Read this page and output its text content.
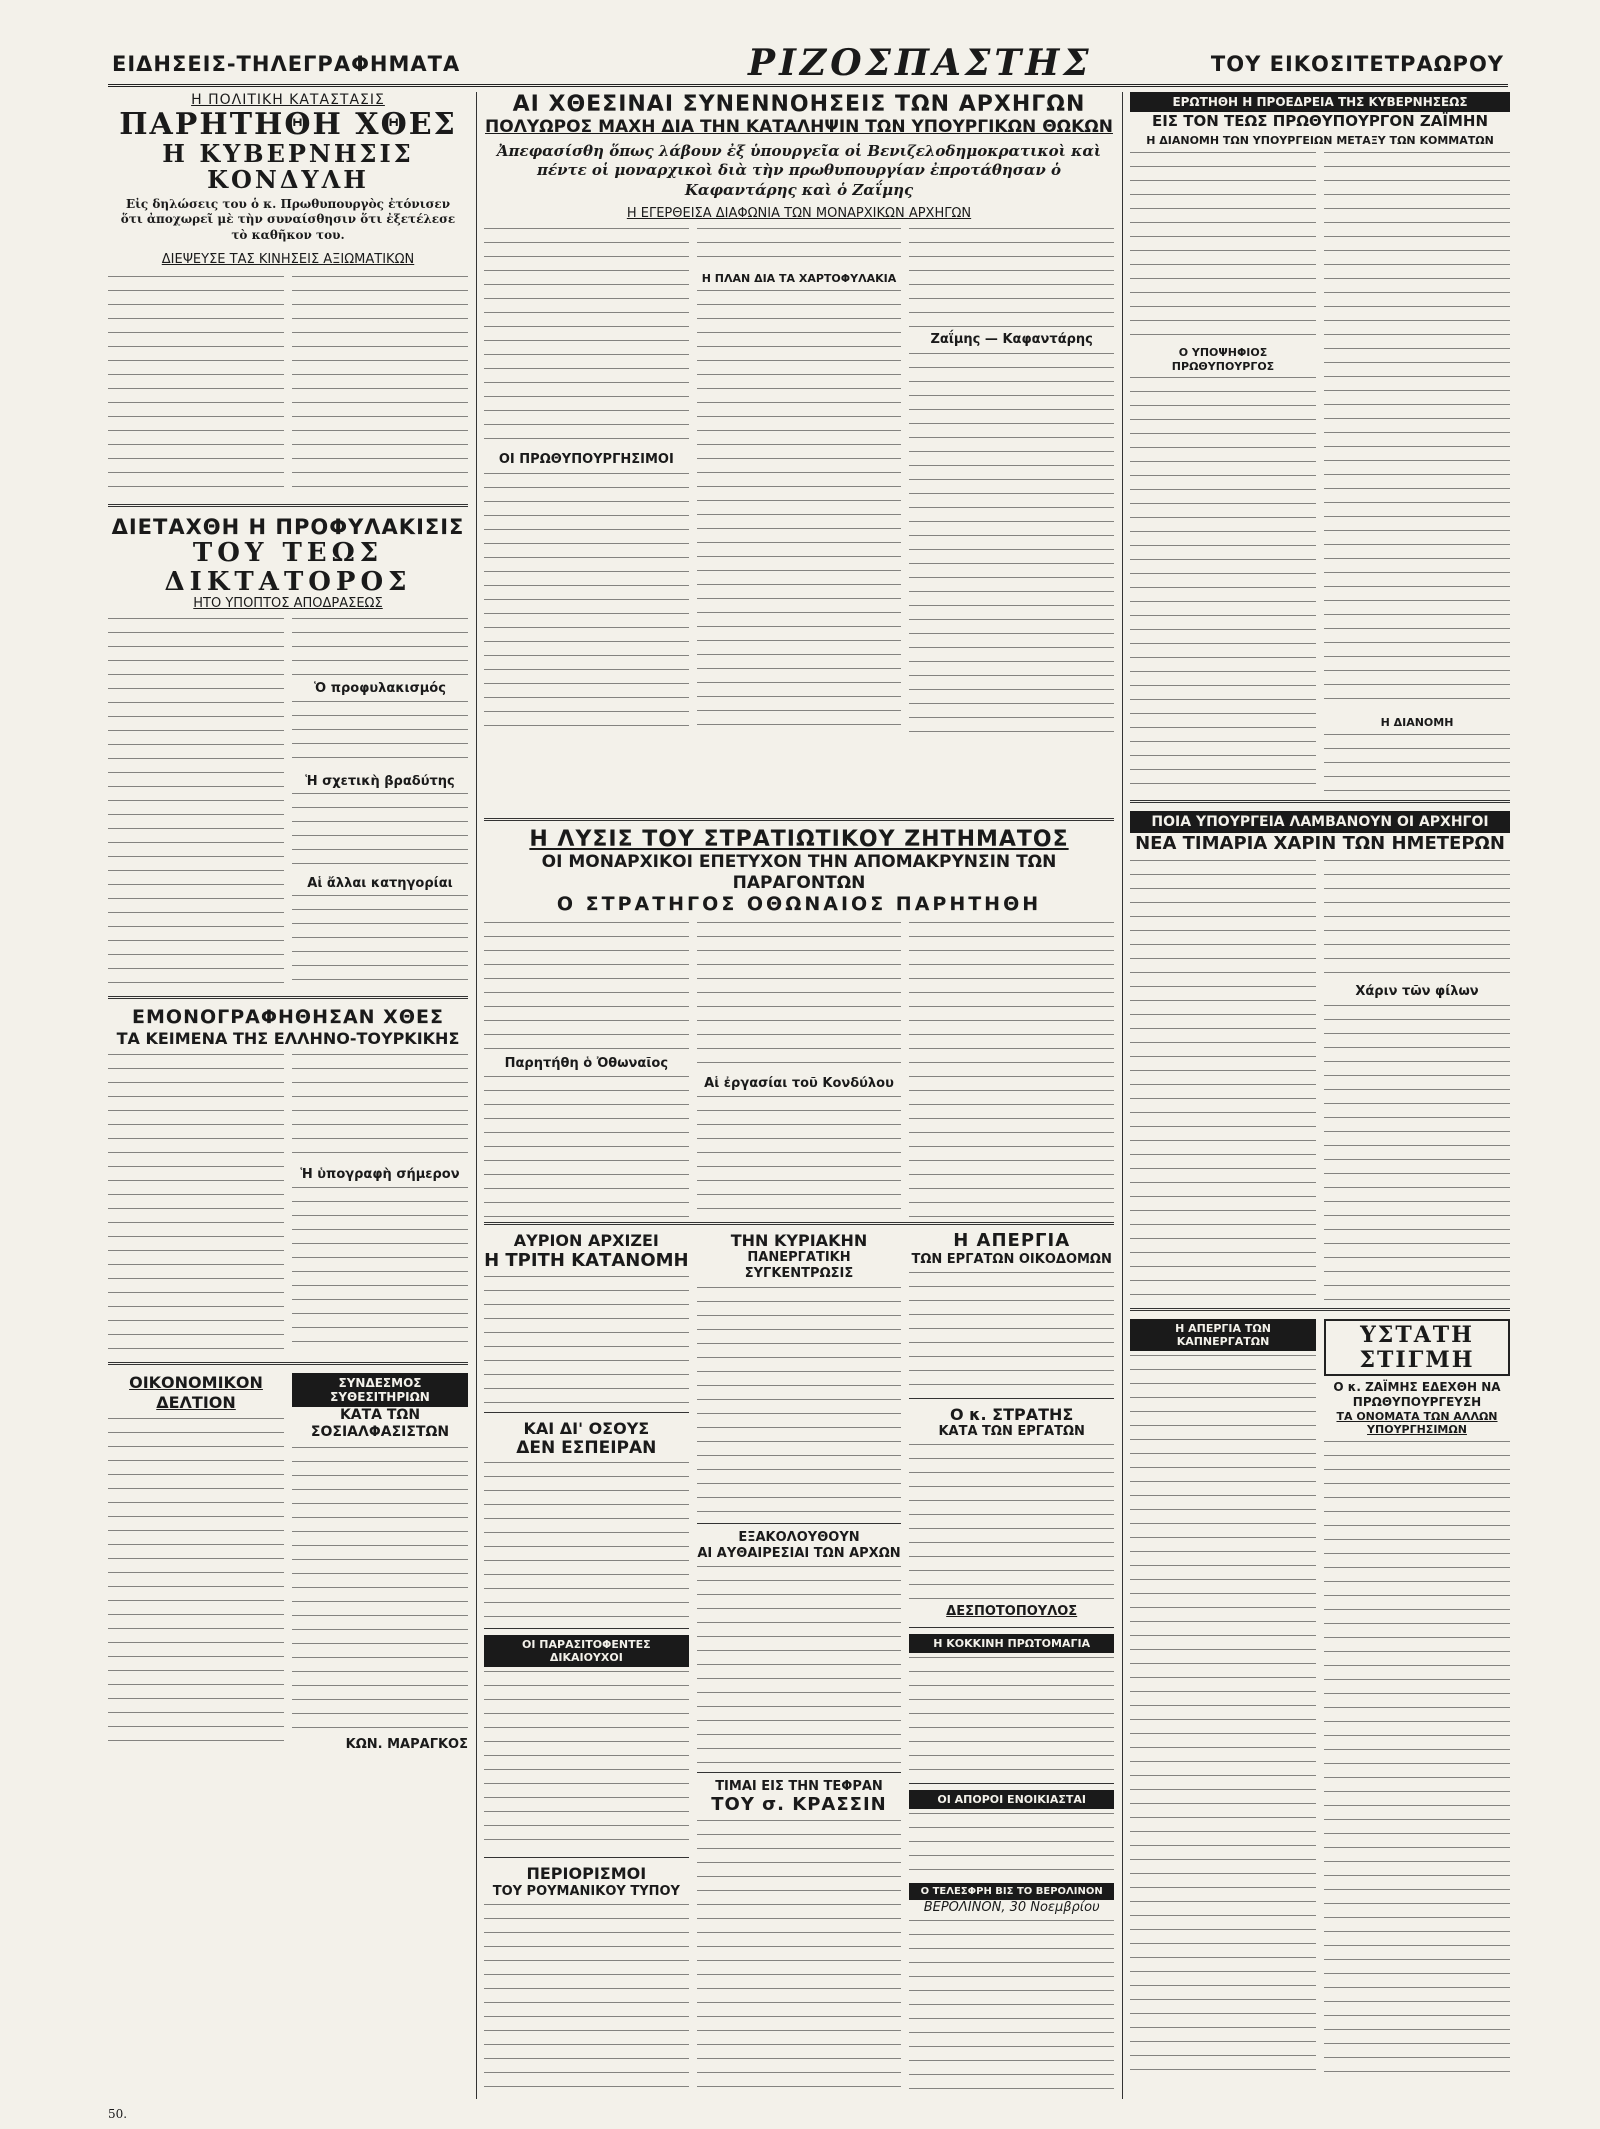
ΕΙΔΗΣΕΙΣ-ΤΗΛΕΓΡΑΦΗΜΑΤΑ	ΡΙΖΟΣΠΑΣΤΗΣ	ΤΟΥ ΕΙΚΟΣΙΤΕΤΡΑΩΡΟΥ
Η ΠΟΛΙΤΙΚΗ ΚΑΤΑΣΤΑΣΙΣ
ΠΑΡΗΤΗΘΗ ΧΘΕΣ
Η ΚΥΒΕΡΝΗΣΙΣ ΚΟΝΔΥΛΗ
Εἰς δηλώσεις του ὁ κ. Πρωθυπουργὸς ἐτόνισεν ὅτι ἀποχωρεῖ μὲ τὴν συναίσθησιν ὅτι ἐξετέλεσε τὸ καθῆκον του.
ΔΙΕΨΕΥΣΕ ΤΑΣ ΚΙΝΗΣΕΙΣ ΑΞΙΩΜΑΤΙΚΩΝ
ΔΙΕΤΑΧΘΗ Η ΠΡΟΦΥΛΑΚΙΣΙΣ
ΤΟΥ ΤΕΩΣ ΔΙΚΤΑΤΟΡΟΣ
ΗΤΟ ΥΠΟΠΤΟΣ ΑΠΟΔΡΑΣΕΩΣ
Ὁ προφυλακισμός
Ἡ σχετικὴ βραδύτης
Αἱ ἄλλαι κατηγορίαι
ΕΜΟΝΟΓΡΑΦΗΘΗΣΑΝ ΧΘΕΣ
ΤΑ ΚΕΙΜΕΝΑ ΤΗΣ ΕΛΛΗΝΟ-ΤΟΥΡΚΙΚΗΣ
Ἡ ὑπογραφὴ σήμερον
ΟΙΚΟΝΟΜΙΚΟΝ ΔΕΛΤΙΟΝ
ΣΥΝΔΕΣΜΟΣ ΣΥΘΕΣΙΤΗΡΙΩΝ
ΚΑΤΑ ΤΩΝ ΣΟΣΙΑΛΦΑΣΙΣΤΩΝ
ΚΩΝ. ΜΑΡΑΓΚΟΣ
50.
ΑΙ ΧΘΕΣΙΝΑΙ ΣΥΝΕΝΝΟΗΣΕΙΣ ΤΩΝ ΑΡΧΗΓΩΝ
ΠΟΛΥΩΡΟΣ ΜΑΧΗ ΔΙΑ ΤΗΝ ΚΑΤΑΛΗΨΙΝ ΤΩΝ ΥΠΟΥΡΓΙΚΩΝ ΘΩΚΩΝ
Ἀπεφασίσθη ὅπως λάβουν ἐξ ὑπουργεῖα οἱ Βενιζελοδημοκρατικοὶ καὶ πέντε οἱ μοναρχικοὶ διὰ τὴν πρωθυπουργίαν ἐπροτάθησαν ὁ Καφαντάρης καὶ ὁ Ζαΐμης
Η ΕΓΕΡΘΕΙΣΑ ΔΙΑΦΩΝΙΑ ΤΩΝ ΜΟΝΑΡΧΙΚΩΝ ΑΡΧΗΓΩΝ
ΟΙ ΠΡΩΘΥΠΟΥΡΓΗΣΙΜΟΙ
Η ΠΛΑΝ ΔΙΑ ΤΑ ΧΑΡΤΟΦΥΛΑΚΙΑ
Ζαΐμης — Καφαντάρης
Η ΛΥΣΙΣ ΤΟΥ ΣΤΡΑΤΙΩΤΙΚΟΥ ΖΗΤΗΜΑΤΟΣ
ΟΙ ΜΟΝΑΡΧΙΚΟΙ ΕΠΕΤΥΧΟΝ ΤΗΝ ΑΠΟΜΑΚΡΥΝΣΙΝ ΤΩΝ ΠΑΡΑΓΟΝΤΩΝ
Ο ΣΤΡΑΤΗΓΟΣ ΟΘΩΝΑΙΟΣ ΠΑΡΗΤΗΘΗ
Παρητήθη ὁ Ὀθωναῖος
Αἱ ἐργασίαι τοῦ Κονδύλου
ΑΥΡΙΟΝ ΑΡΧΙΖΕΙ
Η ΤΡΙΤΗ ΚΑΤΑΝΟΜΗ
ΚΑΙ ΔΙ' ΟΣΟΥΣ
ΔΕΝ ΕΣΠΕΙΡΑΝ
ΟΙ ΠΑΡΑΣΙΤΟΦΕΝΤΕΣ ΔΙΚΑΙΟΥΧΟΙ
ΠΕΡΙΟΡΙΣΜΟΙ
ΤΟΥ ΡΟΥΜΑΝΙΚΟΥ ΤΥΠΟΥ
ΤΗΝ ΚΥΡΙΑΚΗΝ
ΠΑΝΕΡΓΑΤΙΚΗ ΣΥΓΚΕΝΤΡΩΣΙΣ
ΕΞΑΚΟΛΟΥΘΟΥΝ
ΑΙ ΑΥΘΑΙΡΕΣΙΑΙ ΤΩΝ ΑΡΧΩΝ
ΤΙΜΑΙ ΕΙΣ ΤΗΝ ΤΕΦΡΑΝ
ΤΟΥ σ. ΚΡΑΣΣΙΝ
Η ΑΠΕΡΓΙΑ
ΤΩΝ ΕΡΓΑΤΩΝ ΟΙΚΟΔΟΜΩΝ
Ο κ. ΣΤΡΑΤΗΣ
ΚΑΤΑ ΤΩΝ ΕΡΓΑΤΩΝ
ΔΕΣΠΟΤΟΠΟΥΛΟΣ
Η ΚΟΚΚΙΝΗ ΠΡΩΤΟΜΑΓΙΑ
ΟΙ ΑΠΟΡΟΙ ΕΝΟΙΚΙΑΣΤΑΙ
Ο ΤΕΛΕΣΦΡΗ ΒΙΣ ΤΟ ΒΕΡΟΛΙΝΟΝ
ΒΕΡΟΛΙΝΟΝ, 30 Νοεμβρίου
ΕΡΩΤΗΘΗ Η ΠΡΟΕΔΡΕΙΑ ΤΗΣ ΚΥΒΕΡΝΗΣΕΩΣ
ΕΙΣ ΤΟΝ ΤΕΩΣ ΠΡΩΘΥΠΟΥΡΓΟΝ ΖΑΪΜΗΝ
Η ΔΙΑΝΟΜΗ ΤΩΝ ΥΠΟΥΡΓΕΙΩΝ ΜΕΤΑΞΥ ΤΩΝ ΚΟΜΜΑΤΩΝ
Ο ΥΠΟΨΗΦΙΟΣ ΠΡΩΘΥΠΟΥΡΓΟΣ
Η ΔΙΑΝΟΜΗ
ΠΟΙΑ ΥΠΟΥΡΓΕΙΑ ΛΑΜΒΑΝΟΥΝ ΟΙ ΑΡΧΗΓΟΙ
ΝΕΑ ΤΙΜΑΡΙΑ ΧΑΡΙΝ ΤΩΝ ΗΜΕΤΕΡΩΝ
Χάριν τῶν φίλων
Η ΑΠΕΡΓΙΑ ΤΩΝ ΚΑΠΝΕΡΓΑΤΩΝ	ΥΣΤΑΤΗ ΣΤΙΓΜΗ
Ο κ. ΖΑΪΜΗΣ ΕΔΕΧΘΗ ΝΑ ΠΡΩΘΥΠΟΥΡΓΕΥΣΗ
ΤΑ ΟΝΟΜΑΤΑ ΤΩΝ ΑΛΛΩΝ ΥΠΟΥΡΓΗΣΙΜΩΝ
